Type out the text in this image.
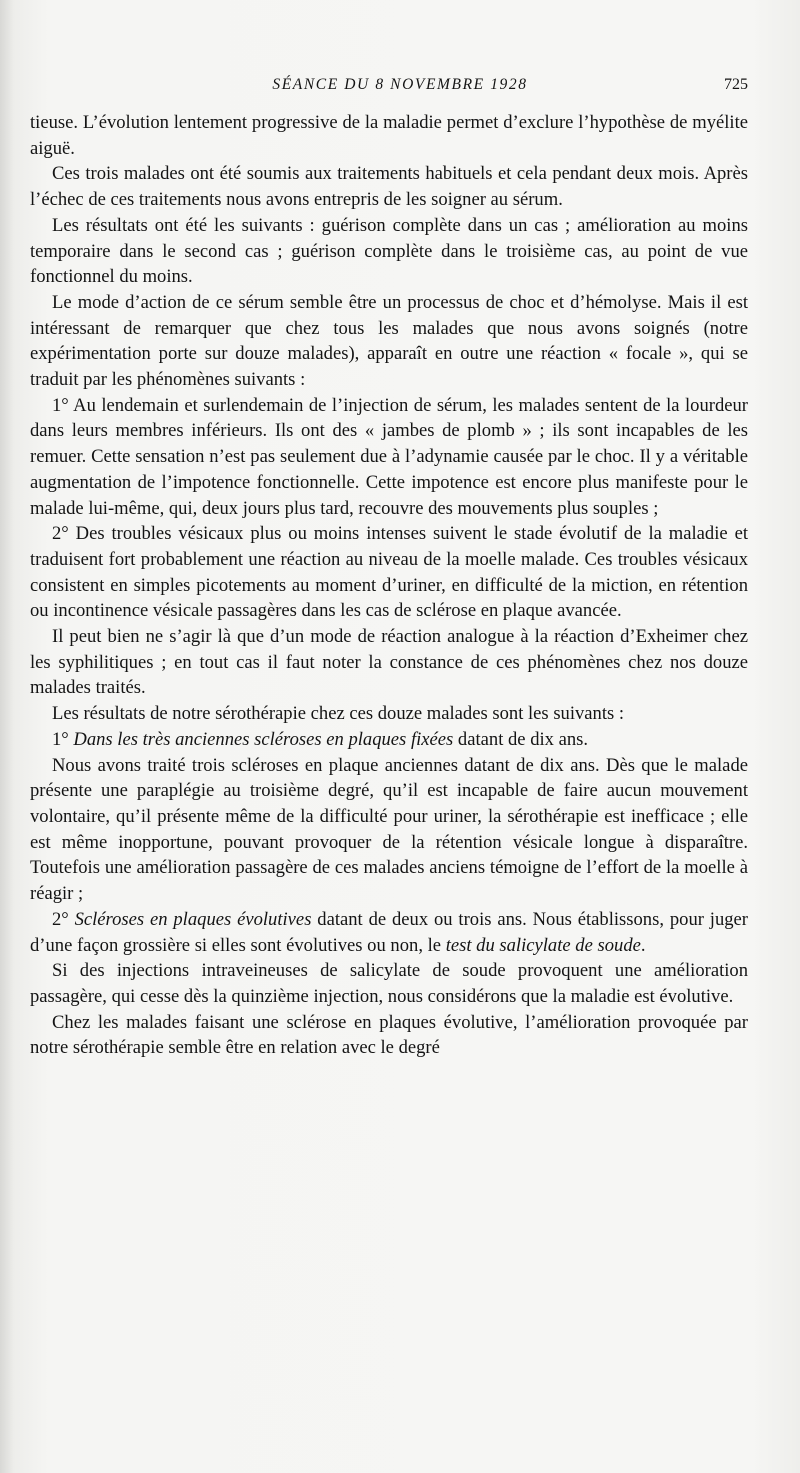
SÉANCE DU 8 NOVEMBRE 1928	725

tieuse. L’évolution lentement progressive de la maladie permet d’exclure l’hypothèse de myélite aiguë.

Ces trois malades ont été soumis aux traitements habituels et cela pendant deux mois. Après l’échec de ces traitements nous avons entrepris de les soigner au sérum.

Les résultats ont été les suivants : guérison complète dans un cas ; amélioration au moins temporaire dans le second cas ; guérison complète dans le troisième cas, au point de vue fonctionnel du moins.

Le mode d’action de ce sérum semble être un processus de choc et d’hémolyse. Mais il est intéressant de remarquer que chez tous les malades que nous avons soignés (notre expérimentation porte sur douze malades), apparaît en outre une réaction « focale », qui se traduit par les phénomènes suivants :

1° Au lendemain et surlendemain de l’injection de sérum, les malades sentent de la lourdeur dans leurs membres inférieurs. Ils ont des « jambes de plomb » ; ils sont incapables de les remuer. Cette sensation n’est pas seulement due à l’adynamie causée par le choc. Il y a véritable augmentation de l’impotence fonctionnelle. Cette impotence est encore plus manifeste pour le malade lui-même, qui, deux jours plus tard, recouvre des mouvements plus souples ;

2° Des troubles vésicaux plus ou moins intenses suivent le stade évolutif de la maladie et traduisent fort probablement une réaction au niveau de la moelle malade. Ces troubles vésicaux consistent en simples picotements au moment d’uriner, en difficulté de la miction, en rétention ou incontinence vésicale passagères dans les cas de sclérose en plaque avancée.

Il peut bien ne s’agir là que d’un mode de réaction analogue à la réaction d’Exheimer chez les syphilitiques ; en tout cas il faut noter la constance de ces phénomènes chez nos douze malades traités.

Les résultats de notre sérothérapie chez ces douze malades sont les suivants :

1° Dans les très anciennes scléroses en plaques fixées datant de dix ans.

Nous avons traité trois scléroses en plaque anciennes datant de dix ans. Dès que le malade présente une paraplégie au troisième degré, qu’il est incapable de faire aucun mouvement volontaire, qu’il présente même de la difficulté pour uriner, la sérothérapie est inefficace ; elle est même inopportune, pouvant provoquer de la rétention vésicale longue à disparaître. Toutefois une amélioration passagère de ces malades anciens témoigne de l’effort de la moelle à réagir ;

2° Scléroses en plaques évolutives datant de deux ou trois ans. Nous établissons, pour juger d’une façon grossière si elles sont évolutives ou non, le test du salicylate de soude.

Si des injections intraveineuses de salicylate de soude provoquent une amélioration passagère, qui cesse dès la quinzième injection, nous considérons que la maladie est évolutive.

Chez les malades faisant une sclérose en plaques évolutive, l’amélioration provoquée par notre sérothérapie semble être en relation avec le degré
